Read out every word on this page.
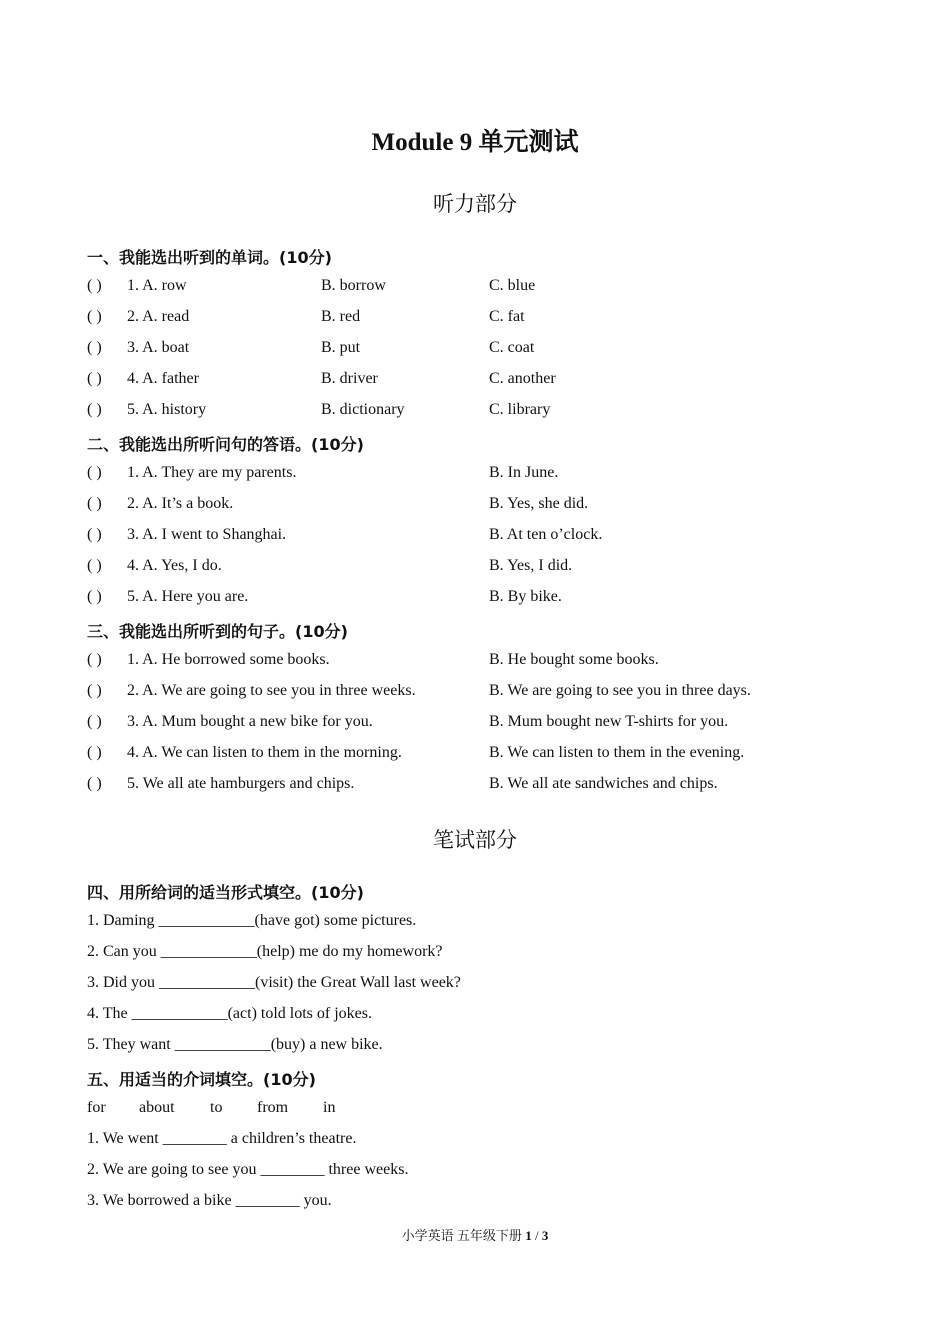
Module 9 单元测试
听力部分
一、我能选出听到的单词。(10分)
( ) 1. A. row	B. borrow	C. blue
( ) 2. A. read	B. red	C. fat
( ) 3. A. boat	B. put	C. coat
( ) 4. A. father	B. driver	C. another
( ) 5. A. history	B. dictionary	C. library
二、我能选出所听问句的答语。(10分)
( ) 1. A. They are my parents.	B. In June.
( ) 2. A. It’s a book.	B. Yes, she did.
( ) 3. A. I went to Shanghai.	B. At ten o’clock.
( ) 4. A. Yes, I do.	B. Yes, I did.
( ) 5. A. Here you are.	B. By bike.
三、我能选出所听到的句子。(10分)
( ) 1. A. He borrowed some books.	B. He bought some books.
( ) 2. A. We are going to see you in three weeks.	B. We are going to see you in three days.
( ) 3. A. Mum bought a new bike for you.	B. Mum bought new T-shirts for you.
( ) 4. A. We can listen to them in the morning.	B. We can listen to them in the evening.
( ) 5. We all ate hamburgers and chips.	B. We all ate sandwiches and chips.
笔试部分
四、用所给词的适当形式填空。(10分)
1. Daming ____________(have got) some pictures.
2. Can you ____________(help) me do my homework?
3. Did you ____________(visit) the Great Wall last week?
4. The ____________(act) told lots of jokes.
5. They want ____________(buy) a new bike.
五、用适当的介词填空。(10分)
for about to from in
1. We went ________ a children’s theatre.
2. We are going to see you ________ three weeks.
3. We borrowed a bike ________ you.
小学英语 五年级下册 1 / 3
